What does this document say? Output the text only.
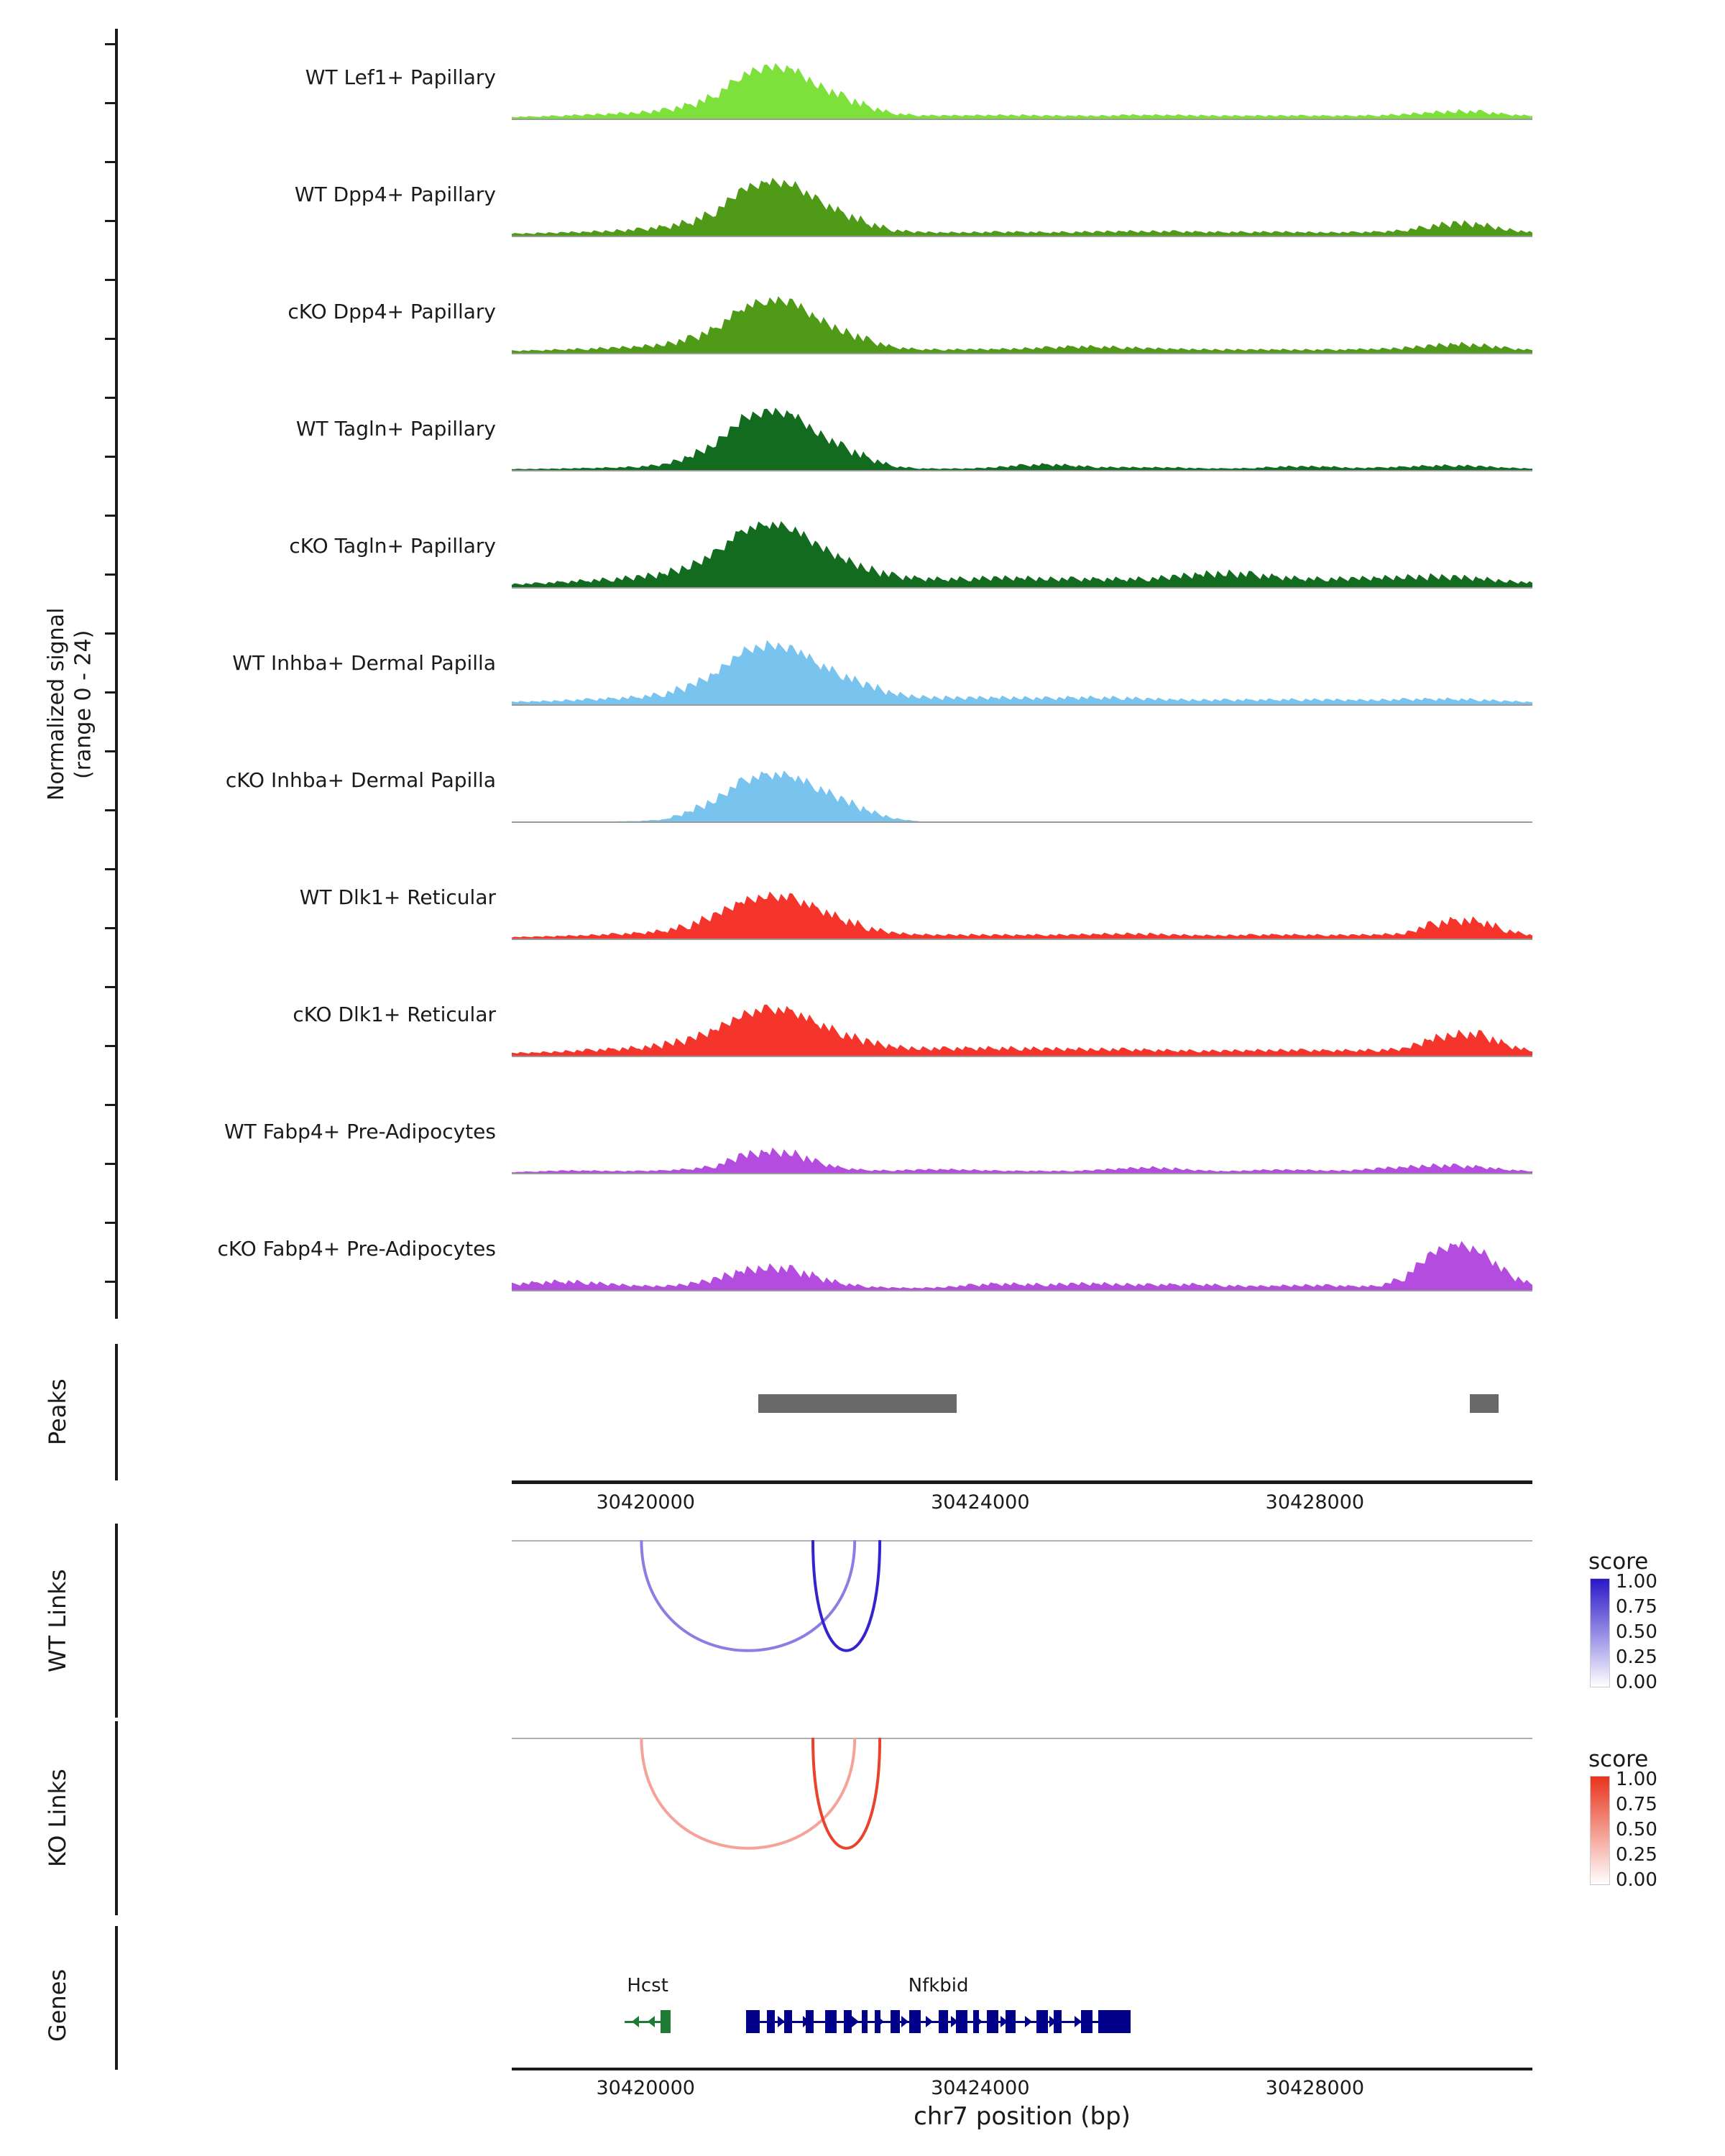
Normalized signal
(range 0 - 24)
WT Lef1+ Papillary
WT Dpp4+ Papillary
cKO Dpp4+ Papillary
WT Tagln+ Papillary
cKO Tagln+ Papillary
WT Inhba+ Dermal Papilla
cKO Inhba+ Dermal Papilla
WT Dlk1+ Reticular
cKO Dlk1+ Reticular
WT Fabp4+ Pre-Adipocytes
cKO Fabp4+ Pre-Adipocytes
Peaks
30420000	30424000	30428000
WT Links
score
1.00
0.75
0.50
0.25
0.00
KO Links
score
1.00
0.75
0.50
0.25
0.00
Genes	Hcst	Nfkbid
30420000	30424000	30428000
chr7 position (bp)
